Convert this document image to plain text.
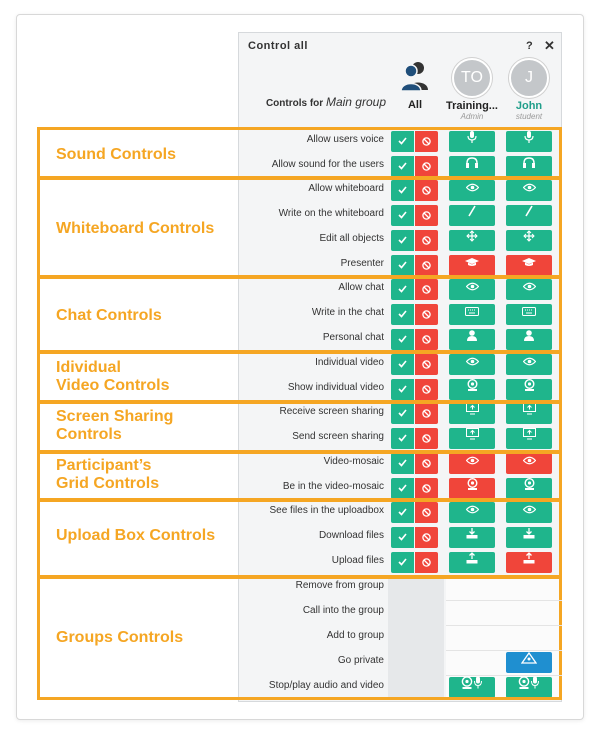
Control all	? ✕
Controls for Main group	All
TO
Training...
Admin
J
John
student
Allow users voice
Allow sound for the users
Allow whiteboard
Write on the whiteboard
Edit all objects
Presenter
Allow chat
Write in the chat
Personal chat
Individual video
Show individual video
Receive screen sharing
Send screen sharing
Video-mosaic
Be in the video-mosaic
See files in the uploadbox
Download files
Upload files
Remove from group
Call into the group
Add to group
Go private
Stop/play audio and video
Sound Controls
Whiteboard Controls
Chat Controls
Idividual
Video Controls
Screen Sharing
Controls
Participant’s
Grid Controls
Upload Box Controls
Groups Controls
